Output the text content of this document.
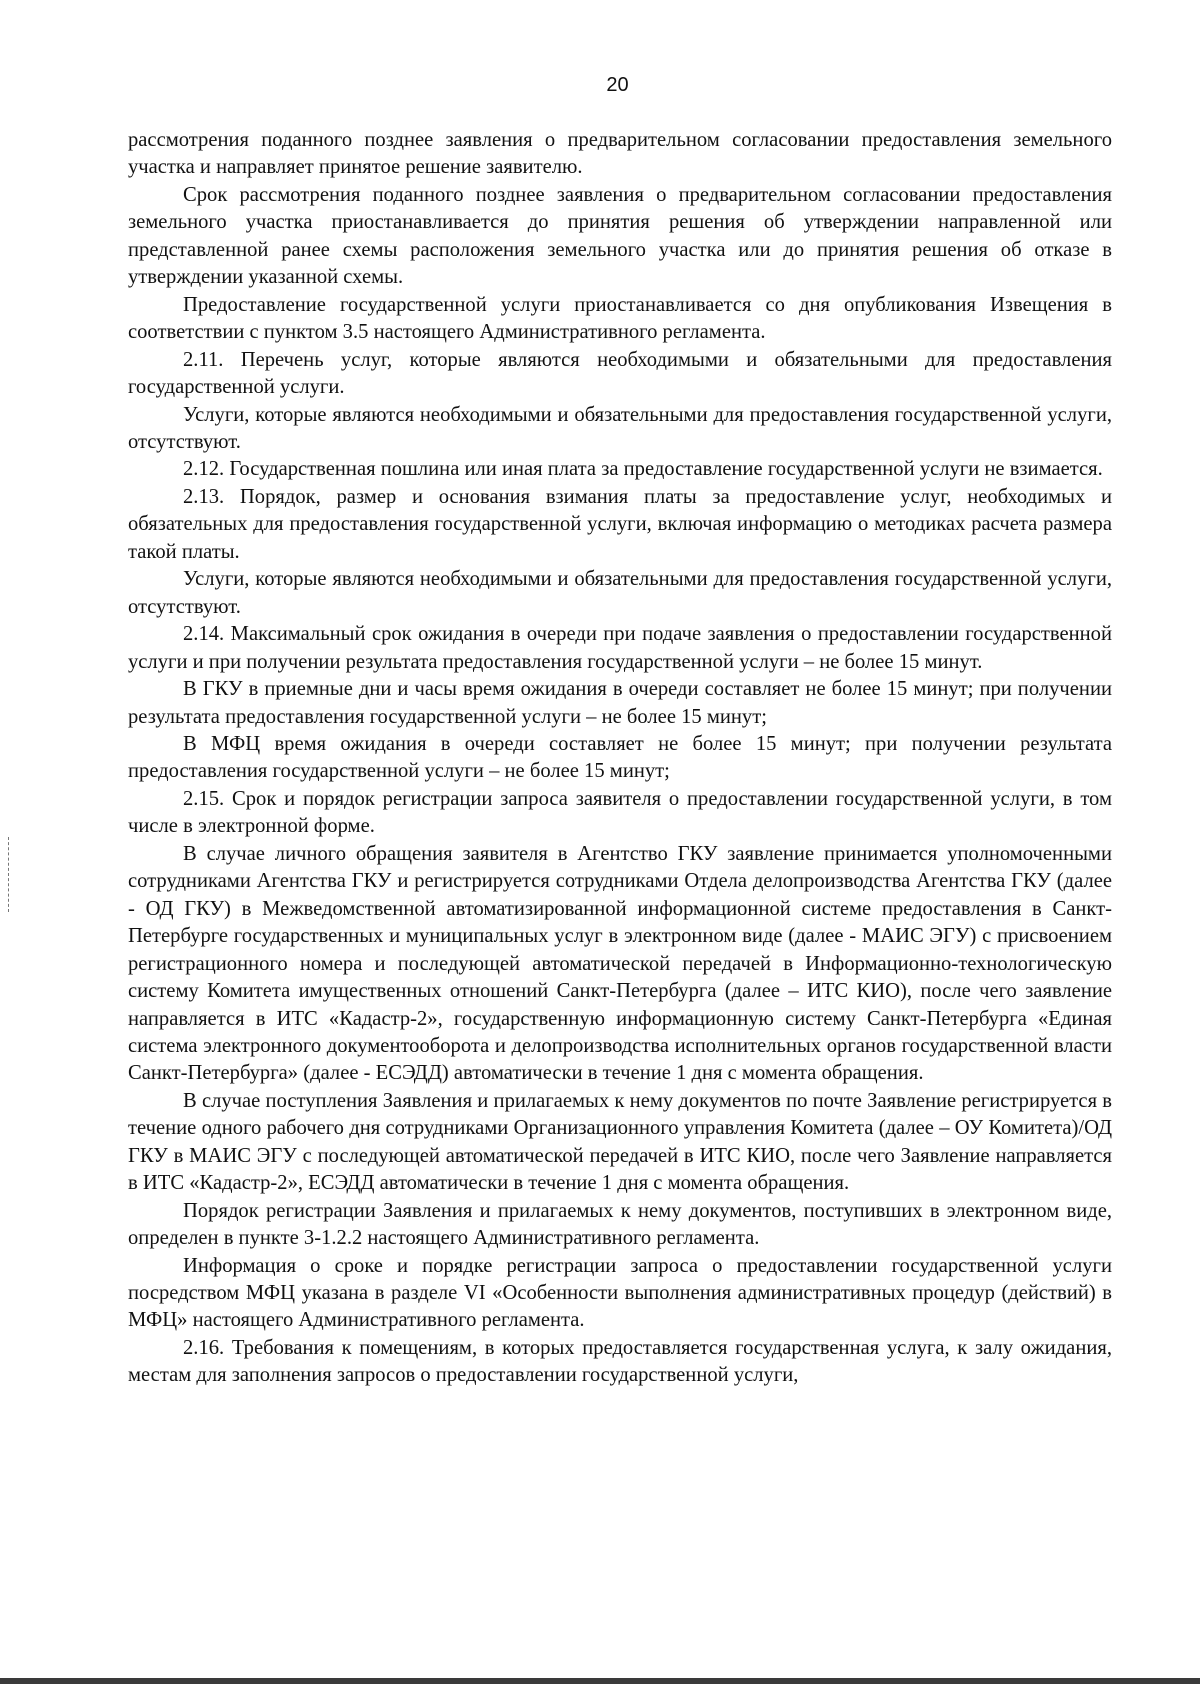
20

рассмотрения поданного позднее заявления о предварительном согласовании предоставления земельного участка и направляет принятое решение заявителю.

Срок рассмотрения поданного позднее заявления о предварительном согласовании предоставления земельного участка приостанавливается до принятия решения об утверждении направленной или представленной ранее схемы расположения земельного участка или до принятия решения об отказе в утверждении указанной схемы.

Предоставление государственной услуги приостанавливается со дня опубликования Извещения в соответствии с пунктом 3.5 настоящего Административного регламента.

2.11. Перечень услуг, которые являются необходимыми и обязательными для предоставления государственной услуги.

Услуги, которые являются необходимыми и обязательными для предоставления государственной услуги, отсутствуют.

2.12. Государственная пошлина или иная плата за предоставление государственной услуги не взимается.

2.13. Порядок, размер и основания взимания платы за предоставление услуг, необходимых и обязательных для предоставления государственной услуги, включая информацию о методиках расчета размера такой платы.

Услуги, которые являются необходимыми и обязательными для предоставления государственной услуги, отсутствуют.

2.14. Максимальный срок ожидания в очереди при подаче заявления о предоставлении государственной услуги и при получении результата предоставления государственной услуги – не более 15 минут.

В ГКУ в приемные дни и часы время ожидания в очереди составляет не более 15 минут; при получении результата предоставления государственной услуги – не более 15 минут;

В МФЦ время ожидания в очереди составляет не более 15 минут; при получении результата предоставления государственной услуги – не более 15 минут;

2.15. Срок и порядок регистрации запроса заявителя о предоставлении государственной услуги, в том числе в электронной форме.

В случае личного обращения заявителя в Агентство ГКУ заявление принимается уполномоченными сотрудниками Агентства ГКУ и регистрируется сотрудниками Отдела делопроизводства Агентства ГКУ (далее - ОД ГКУ) в Межведомственной автоматизированной информационной системе предоставления в Санкт-Петербурге государственных и муниципальных услуг в электронном виде (далее - МАИС ЭГУ) с присвоением регистрационного номера и последующей автоматической передачей в Информационно-технологическую систему Комитета имущественных отношений Санкт-Петербурга (далее – ИТС КИО), после чего заявление направляется в ИТС «Кадастр-2», государственную информационную систему Санкт-Петербурга «Единая система электронного документооборота и делопроизводства исполнительных органов государственной власти Санкт-Петербурга» (далее - ЕСЭДД) автоматически в течение 1 дня с момента обращения.

В случае поступления Заявления и прилагаемых к нему документов по почте Заявление регистрируется в течение одного рабочего дня сотрудниками Организационного управления Комитета (далее – ОУ Комитета)/ОД ГКУ в МАИС ЭГУ с последующей автоматической передачей в ИТС КИО, после чего Заявление направляется в ИТС «Кадастр-2», ЕСЭДД автоматически в течение 1 дня с момента обращения.

Порядок регистрации Заявления и прилагаемых к нему документов, поступивших в электронном виде, определен в пункте 3-1.2.2 настоящего Административного регламента.

Информация о сроке и порядке регистрации запроса о предоставлении государственной услуги посредством МФЦ указана в разделе VI «Особенности выполнения административных процедур (действий) в МФЦ» настоящего Административного регламента.

2.16. Требования к помещениям, в которых предоставляется государственная услуга, к залу ожидания, местам для заполнения запросов о предоставлении государственной услуги,
